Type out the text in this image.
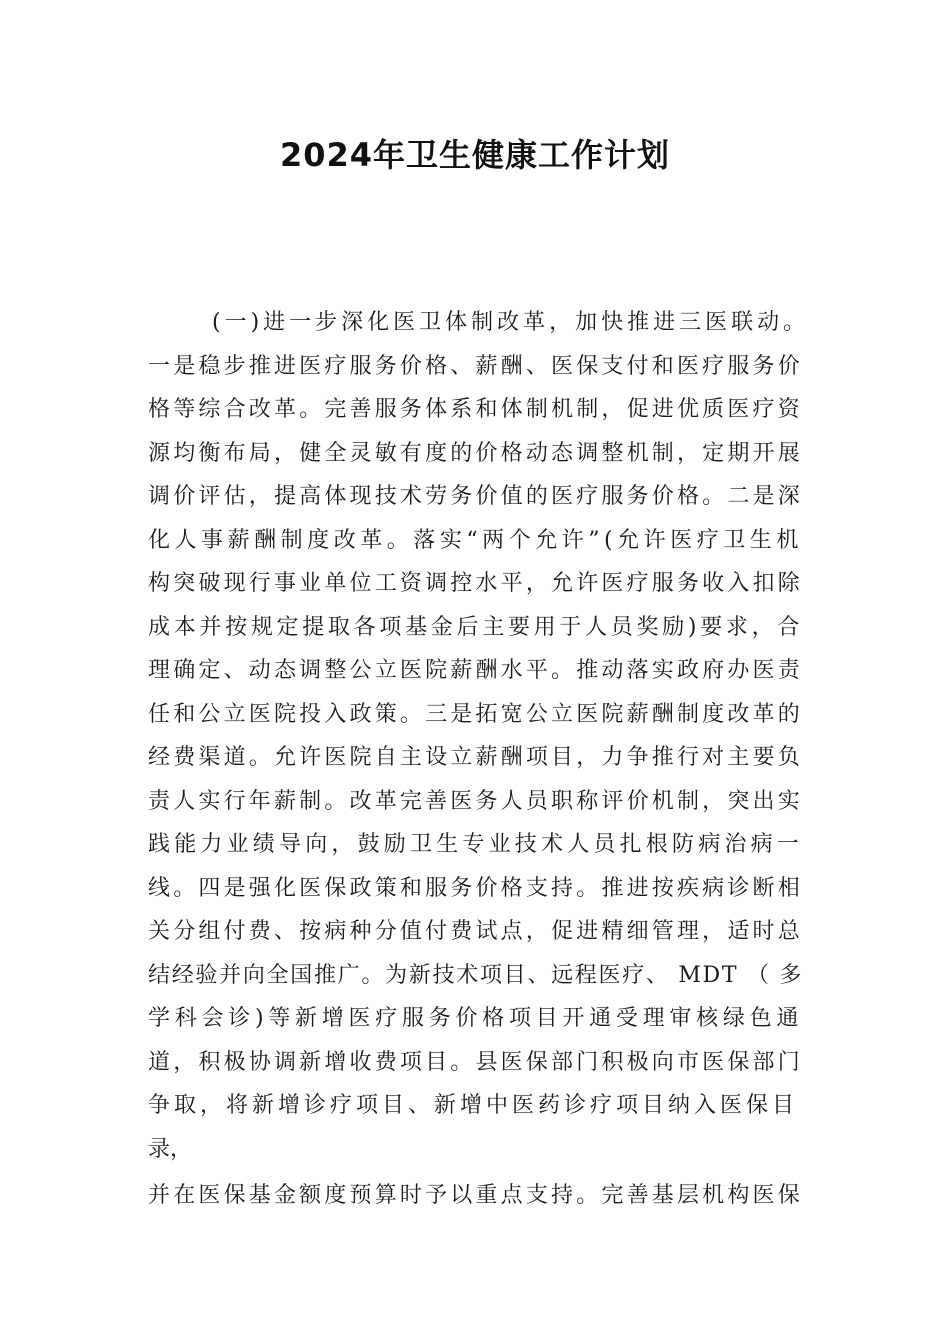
2024年卫生健康工作计划
(一)进一步深化医卫体制改革，加快推进三医联动。
一是稳步推进医疗服务价格、薪酬、医保支付和医疗服务价
格等综合改革。完善服务体系和体制机制，促进优质医疗资
源均衡布局，健全灵敏有度的价格动态调整机制，定期开展
调价评估，提高体现技术劳务价值的医疗服务价格。二是深
化人事薪酬制度改革。落实“两个允许”(允许医疗卫生机
构突破现行事业单位工资调控水平，允许医疗服务收入扣除
成本并按规定提取各项基金后主要用于人员奖励)要求，合
理确定、动态调整公立医院薪酬水平。推动落实政府办医责
任和公立医院投入政策。三是拓宽公立医院薪酬制度改革的
经费渠道。允许医院自主设立薪酬项目，力争推行对主要负
责人实行年薪制。改革完善医务人员职称评价机制，突出实
践能力业绩导向，鼓励卫生专业技术人员扎根防病治病一
线。四是强化医保政策和服务价格支持。推进按疾病诊断相
关分组付费、按病种分值付费试点，促进精细管理，适时总
结经验并向全国推广。为新技术项目、远程医疗、 MDT （ 多
学科会诊)等新增医疗服务价格项目开通受理审核绿色通
道，积极协调新增收费项目。县医保部门积极向市医保部门
争取，将新增诊疗项目、新增中医药诊疗项目纳入医保目
录，
并在医保基金额度预算时予以重点支持。完善基层机构医保
